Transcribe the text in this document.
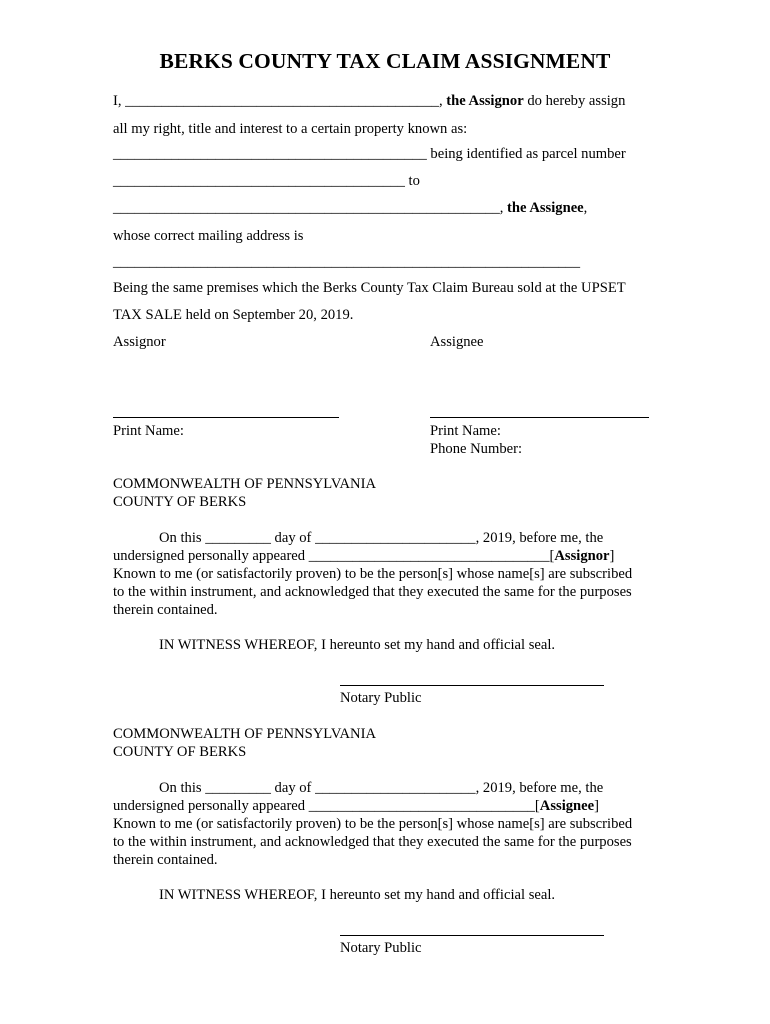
BERKS COUNTY TAX CLAIM ASSIGNMENT
I, ___________________________________________, the Assignor do hereby assign
all my right, title and interest to a certain property known as:
___________________________________________ being identified as parcel number
________________________________________ to
_____________________________________________________, the Assignee,
whose correct mailing address is
________________________________________________________________
Being the same premises which the Berks County Tax Claim Bureau sold at the UPSET
TAX SALE held on September 20, 2019.
Assignor	Assignee
Print Name:	Print Name:
Phone Number:
COMMONWEALTH OF PENNSYLVANIA
COUNTY OF BERKS
On this _________ day of ______________________, 2019, before me, the
undersigned personally appeared _________________________________[Assignor]
Known to me (or satisfactorily proven) to be the person[s] whose name[s] are subscribed
to the within instrument, and acknowledged that they executed the same for the purposes
therein contained.
IN WITNESS WHEREOF, I hereunto set my hand and official seal.
Notary Public
COMMONWEALTH OF PENNSYLVANIA
COUNTY OF BERKS
On this _________ day of ______________________, 2019, before me, the
undersigned personally appeared _______________________________[Assignee]
Known to me (or satisfactorily proven) to be the person[s] whose name[s] are subscribed
to the within instrument, and acknowledged that they executed the same for the purposes
therein contained.
IN WITNESS WHEREOF, I hereunto set my hand and official seal.
Notary Public
